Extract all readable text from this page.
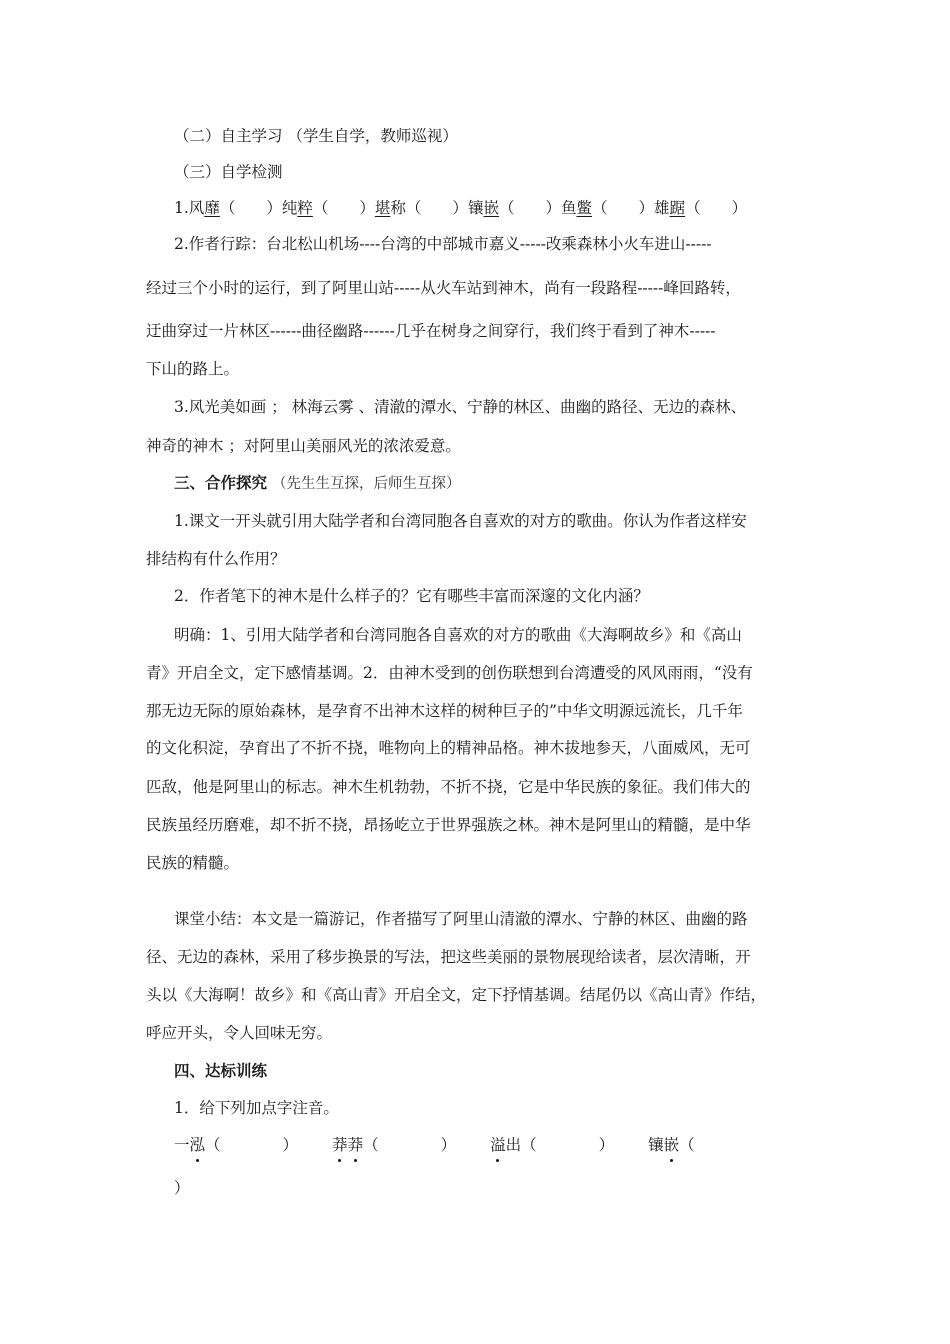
（二）自主学习 （学生自学，教师巡视）
（三）自学检测
1.风靡（　　）纯粹（　　）堪称（　　）镶嵌（　　）鱼鳖（　　）雄踞（　　）
2.作者行踪：台北松山机场----台湾的中部城市嘉义-----改乘森林小火车进山-----
经过三个小时的运行，到了阿里山站-----从火车站到神木，尚有一段路程-----峰回路转，
迂曲穿过一片林区------曲径幽路------几乎在树身之间穿行，我们终于看到了神木-----
下山的路上。
3.风光美如画 ； 林海云雾 、清澈的潭水、宁静的林区、曲幽的路径、无边的森林、
神奇的神木 ；对阿里山美丽风光的浓浓爱意。
三、合作探究 （先生生互探，后师生互探）
1.课文一开头就引用大陆学者和台湾同胞各自喜欢的对方的歌曲。你认为作者这样安
排结构有什么作用？
2．作者笔下的神木是什么样子的？它有哪些丰富而深邃的文化内涵？
明确：1、引用大陆学者和台湾同胞各自喜欢的对方的歌曲《大海啊故乡》和《高山
青》开启全文，定下感情基调。2．由神木受到的创伤联想到台湾遭受的风风雨雨，“没有
那无边无际的原始森林，是孕育不出神木这样的树种巨子的”中华文明源远流长，几千年
的文化积淀，孕育出了不折不挠，唯物向上的精神品格。神木拔地参天，八面威风，无可
匹敌，他是阿里山的标志。神木生机勃勃，不折不挠，它是中华民族的象征。我们伟大的
民族虽经历磨难，却不折不挠，昂扬屹立于世界强族之林。神木是阿里山的精髓，是中华
民族的精髓。
课堂小结：本文是一篇游记，作者描写了阿里山清澈的潭水、宁静的林区、曲幽的路
径、无边的森林，采用了移步换景的写法，把这些美丽的景物展现给读者，层次清晰，开
头以《大海啊！故乡》和《高山青》开启全文，定下抒情基调。结尾仍以《高山青》作结，
呼应开头，令人回味无穷。
四、达标训练
1．给下列加点字注音。
一泓（　　　　） 莽莽（　　　　） 溢出（　　　　） 镶嵌（
）
